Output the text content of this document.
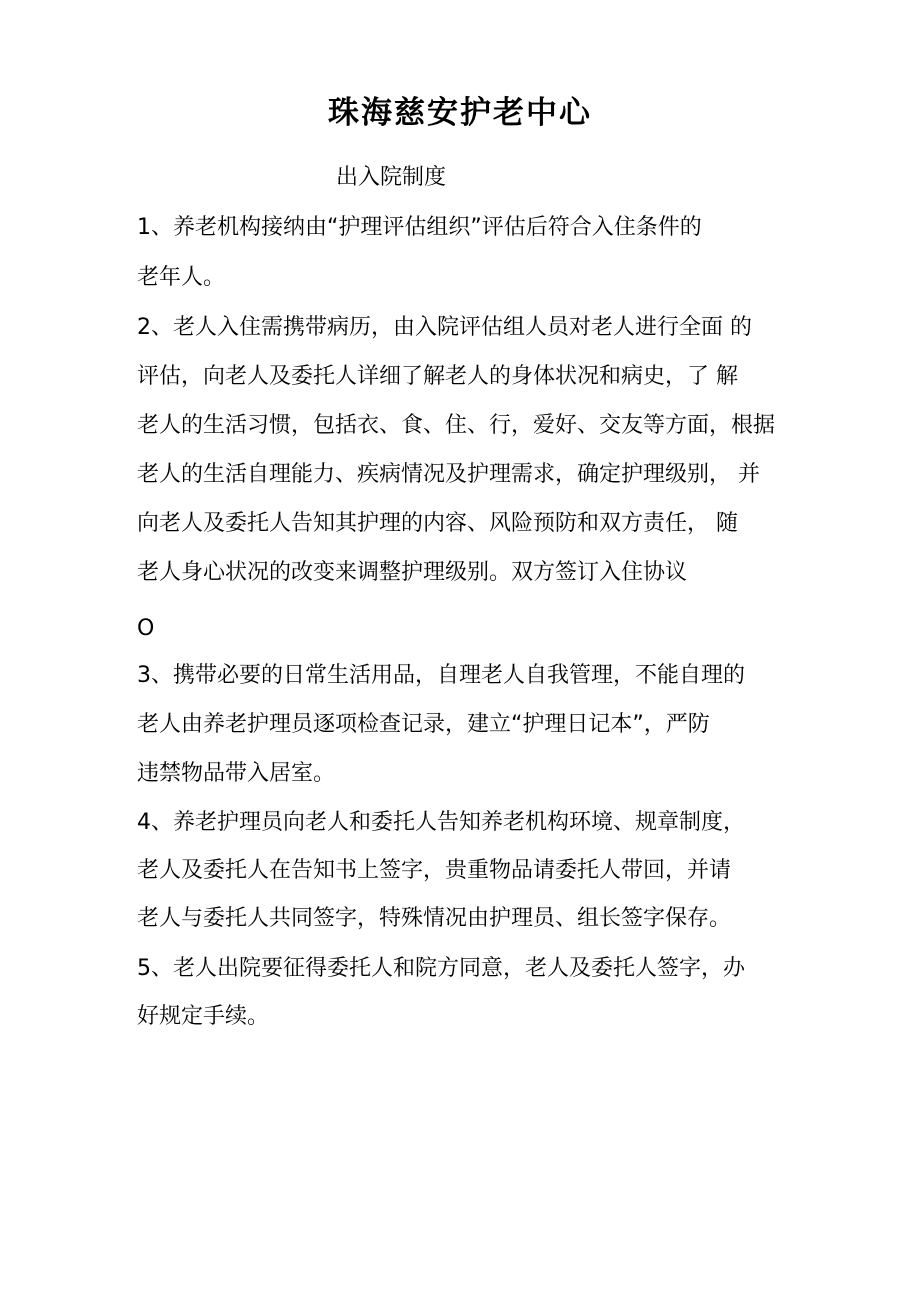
珠海慈安护老中心

出入院制度

1、养老机构接纳由“护理评估组织”评估后符合入住条件的

老年人。

2、老人入住需携带病历，由入院评估组人员对老人进行全面 的

评估，向老人及委托人详细了解老人的身体状况和病史，了 解

老人的生活习惯，包括衣、食、住、行，爱好、交友等方面，根据

老人的生活自理能力、疾病情况及护理需求，确定护理级别， 并

向老人及委托人告知其护理的内容、风险预防和双方责任， 随

老人身心状况的改变来调整护理级别。双方签订入住协议

O

3、携带必要的日常生活用品，自理老人自我管理，不能自理的

老人由养老护理员逐项检查记录，建立“护理日记本”，严防

违禁物品带入居室。

4、养老护理员向老人和委托人告知养老机构环境、规章制度，

老人及委托人在告知书上签字，贵重物品请委托人带回，并请

老人与委托人共同签字，特殊情况由护理员、组长签字保存。

5、老人出院要征得委托人和院方同意，老人及委托人签字，办

好规定手续。
